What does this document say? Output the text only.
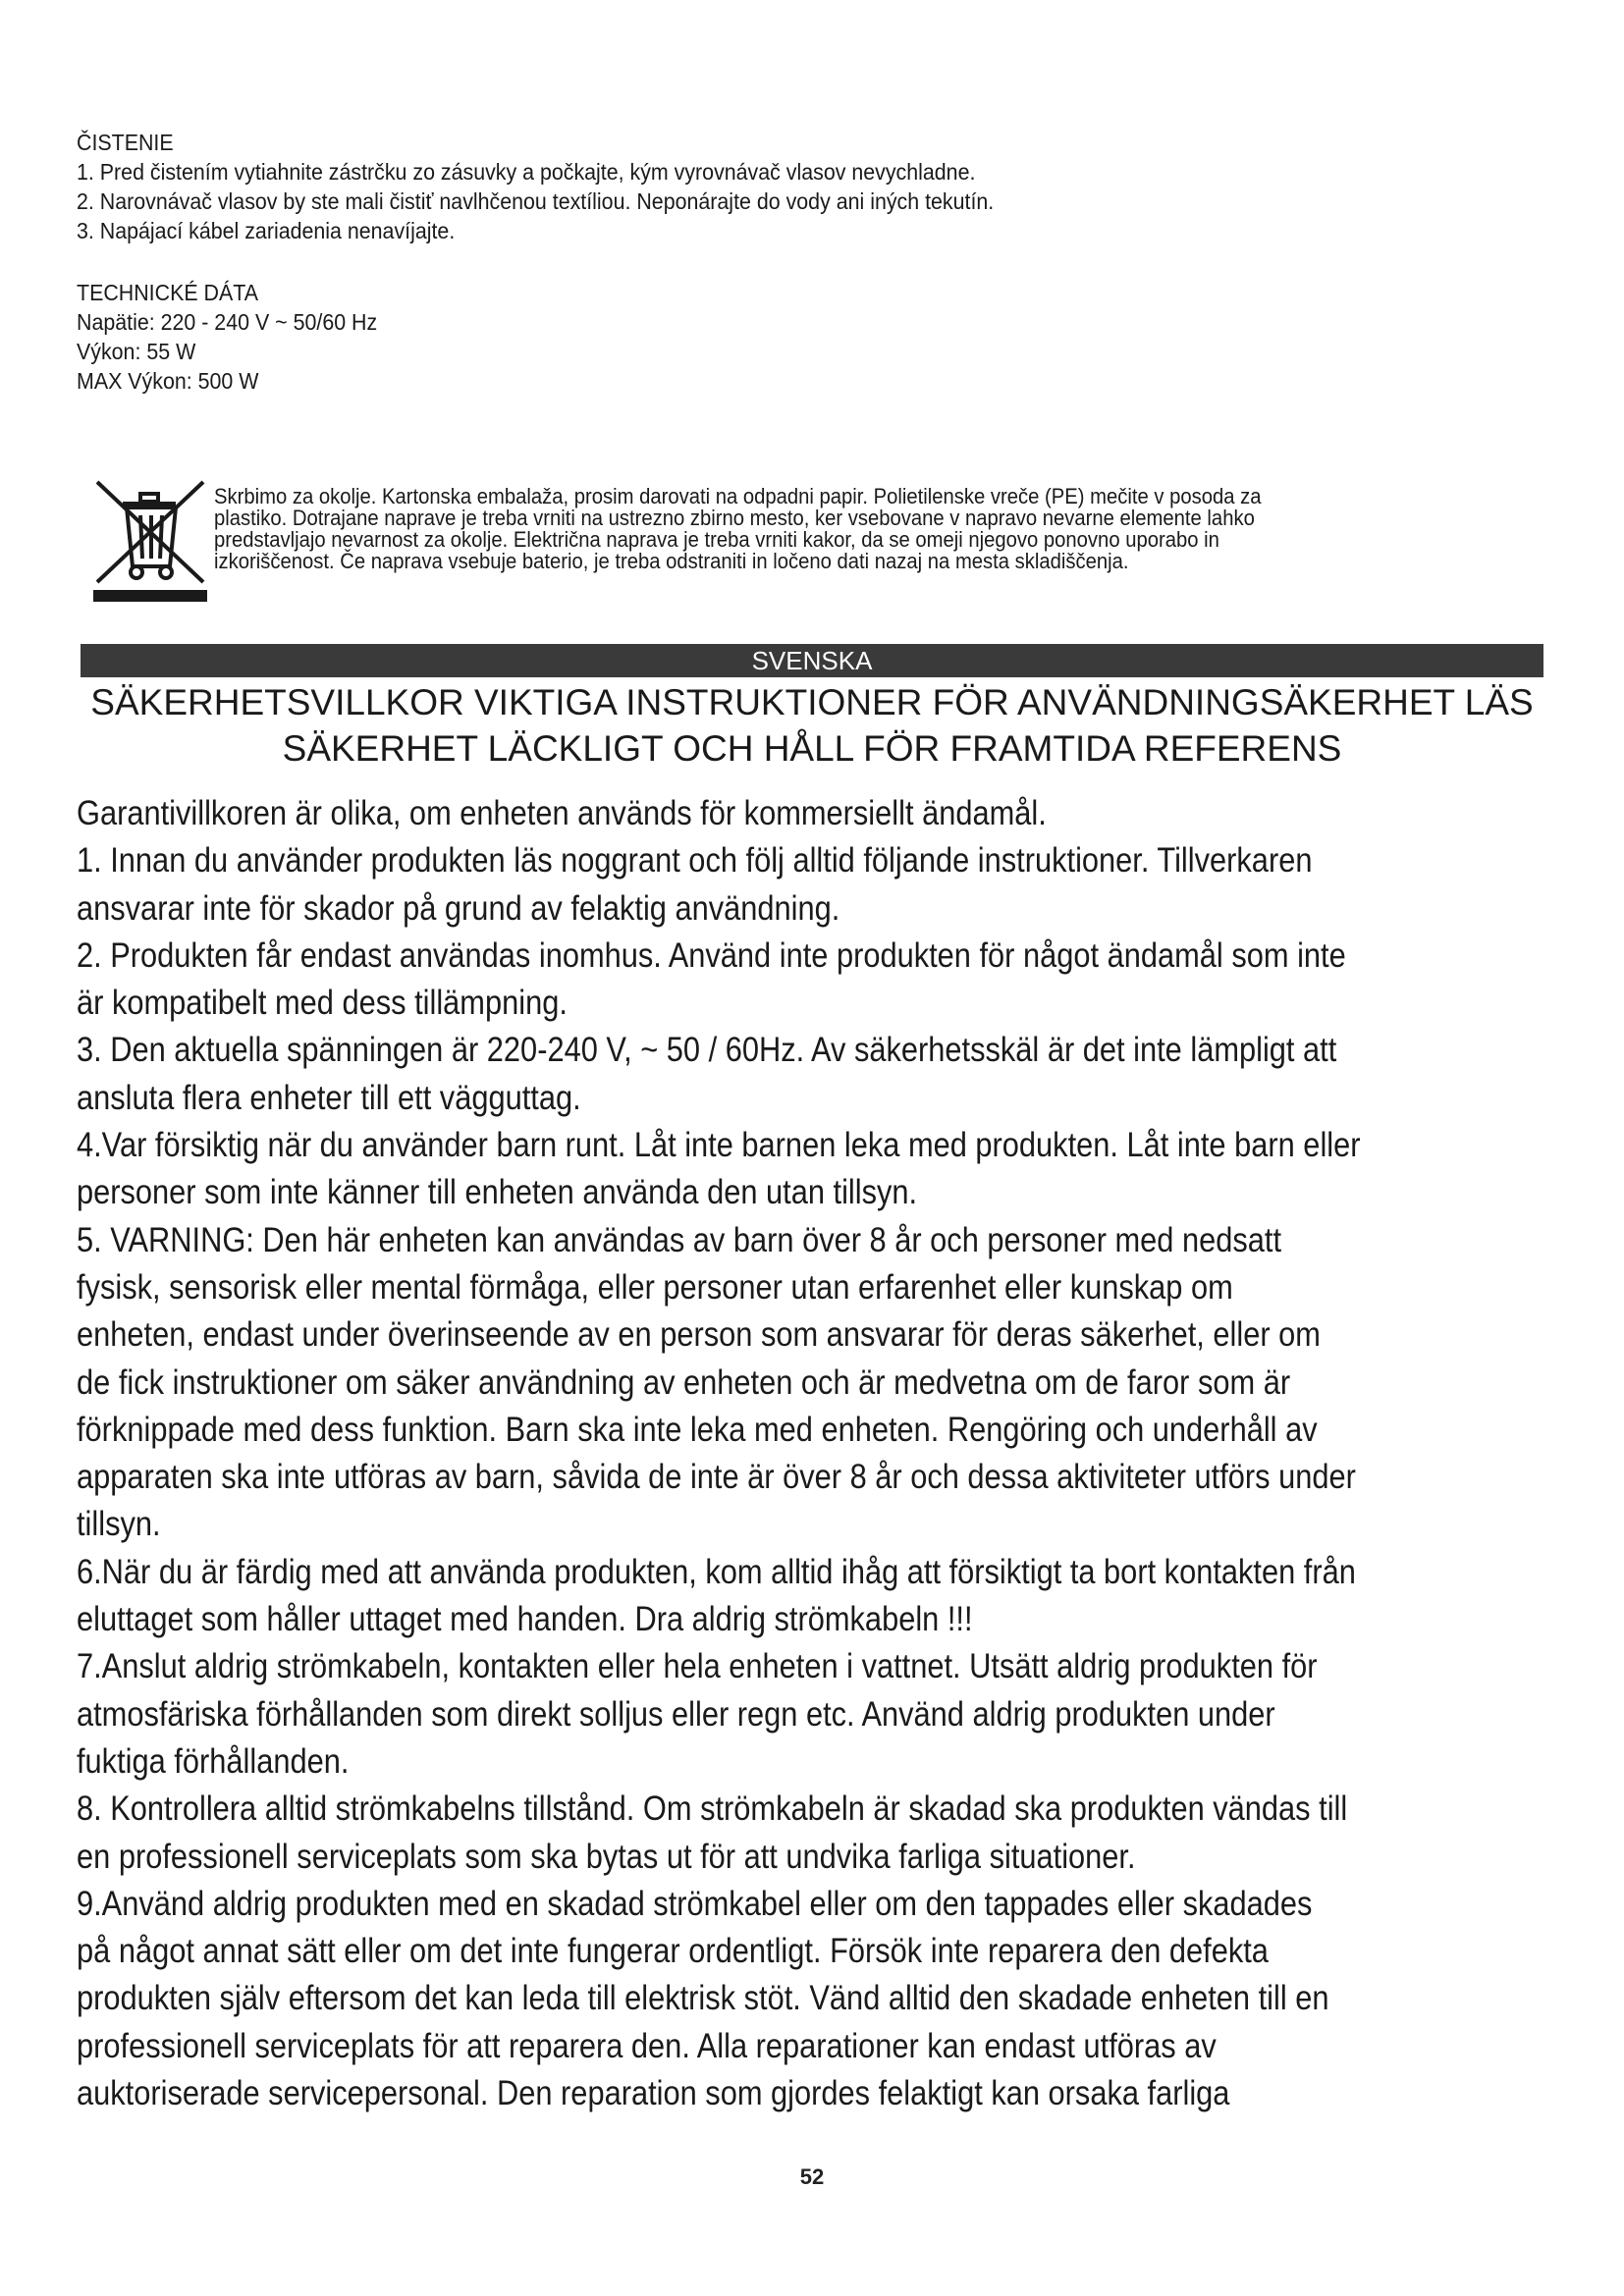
ČISTENIE

1. Pred čistením vytiahnite zástrčku zo zásuvky a počkajte, kým vyrovnávač vlasov nevychladne.

2. Narovnávač vlasov by ste mali čistiť navlhčenou textíliou. Neponárajte do vody ani iných tekutín.

3. Napájací kábel zariadenia nenavíjajte.

TECHNICKÉ DÁTA

Napätie: 220 - 240 V ~ 50/60 Hz

Výkon: 55 W

MAX Výkon: 500 W

Skrbimo za okolje. Kartonska embalaža, prosim darovati na odpadni papir. Polietilenske vreče (PE) mečite v posoda za

plastiko. Dotrajane naprave je treba vrniti na ustrezno zbirno mesto, ker vsebovane v napravo nevarne elemente lahko

predstavljajo nevarnost za okolje. Električna naprava je treba vrniti kakor, da se omeji njegovo ponovno uporabo in

izkoriščenost. Če naprava vsebuje baterio, je treba odstraniti in ločeno dati nazaj na mesta skladiščenja.

SVENSKA

SÄKERHETSVILLKOR VIKTIGA INSTRUKTIONER FÖR ANVÄNDNINGSÄKERHET LÄS

SÄKERHET LÄCKLIGT OCH HÅLL FÖR FRAMTIDA REFERENS

Garantivillkoren är olika, om enheten används för kommersiellt ändamål.

1. Innan du använder produkten läs noggrant och följ alltid följande instruktioner. Tillverkaren

ansvarar inte för skador på grund av felaktig användning.

2. Produkten får endast användas inomhus. Använd inte produkten för något ändamål som inte

är kompatibelt med dess tillämpning.

3. Den aktuella spänningen är 220-240 V, ~ 50 / 60Hz. Av säkerhetsskäl är det inte lämpligt att

ansluta flera enheter till ett vägguttag.

4.Var försiktig när du använder barn runt. Låt inte barnen leka med produkten. Låt inte barn eller

personer som inte känner till enheten använda den utan tillsyn.

5. VARNING: Den här enheten kan användas av barn över 8 år och personer med nedsatt

fysisk, sensorisk eller mental förmåga, eller personer utan erfarenhet eller kunskap om

enheten, endast under överinseende av en person som ansvarar för deras säkerhet, eller om

de fick instruktioner om säker användning av enheten och är medvetna om de faror som är

förknippade med dess funktion. Barn ska inte leka med enheten. Rengöring och underhåll av

apparaten ska inte utföras av barn, såvida de inte är över 8 år och dessa aktiviteter utförs under

tillsyn.

6.När du är färdig med att använda produkten, kom alltid ihåg att försiktigt ta bort kontakten från

eluttaget som håller uttaget med handen. Dra aldrig strömkabeln !!!

7.Anslut aldrig strömkabeln, kontakten eller hela enheten i vattnet. Utsätt aldrig produkten för

atmosfäriska förhållanden som direkt solljus eller regn etc. Använd aldrig produkten under

fuktiga förhållanden.

8. Kontrollera alltid strömkabelns tillstånd. Om strömkabeln är skadad ska produkten vändas till

en professionell serviceplats som ska bytas ut för att undvika farliga situationer.

9.Använd aldrig produkten med en skadad strömkabel eller om den tappades eller skadades

på något annat sätt eller om det inte fungerar ordentligt. Försök inte reparera den defekta

produkten själv eftersom det kan leda till elektrisk stöt. Vänd alltid den skadade enheten till en

professionell serviceplats för att reparera den. Alla reparationer kan endast utföras av

auktoriserade servicepersonal. Den reparation som gjordes felaktigt kan orsaka farliga

52
